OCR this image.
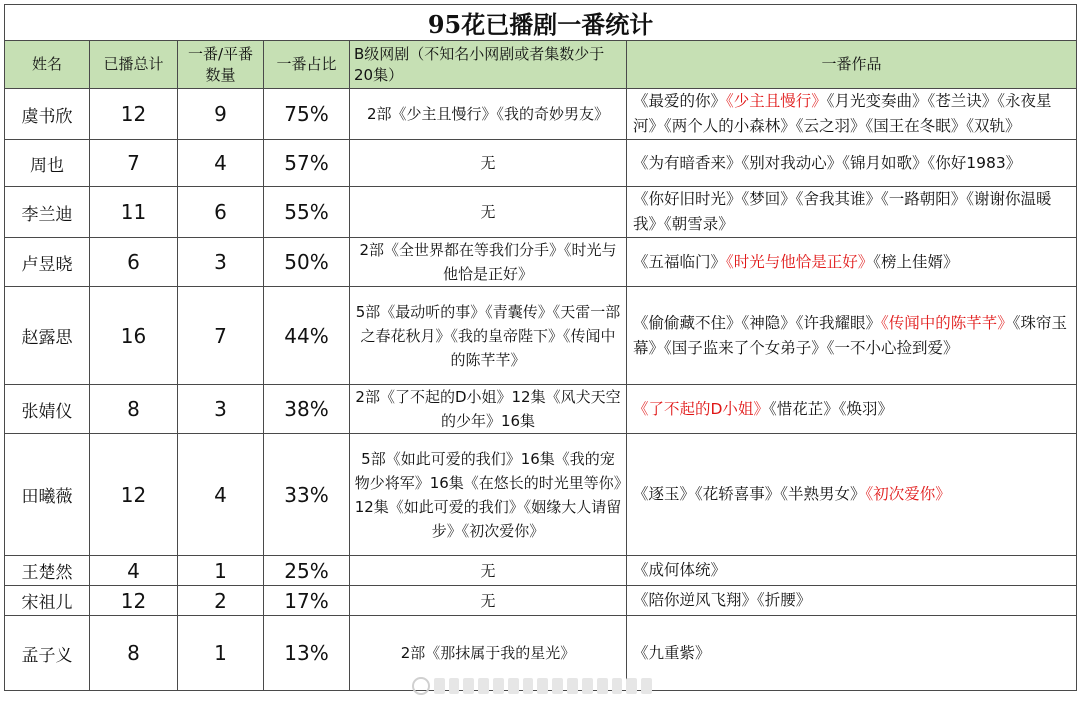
95花已播剧一番统计					
姓名	已播总计	一番/平番数量	一番占比	B级网剧（不知名小网剧或者集数少于20集）	一番作品
虞书欣	12	9	75%	2部《少主且慢行》《我的奇妙男友》	《最爱的你》《少主且慢行》《月光变奏曲》《苍兰诀》《永夜星河》《两个人的小森林》《云之羽》《国王在冬眠》《双轨》
周也	7	4	57%	无	《为有暗香来》《别对我动心》《锦月如歌》《你好1983》
李兰迪	11	6	55%	无	《你好旧时光》《梦回》《舍我其谁》《一路朝阳》《谢谢你温暖我》《朝雪录》
卢昱晓	6	3	50%	2部《全世界都在等我们分手》《时光与他恰是正好》	《五福临门》《时光与他恰是正好》《榜上佳婿》
赵露思	16	7	44%	5部《最动听的事》《青囊传》《天雷一部之春花秋月》《我的皇帝陛下》《传闻中的陈芊芊》	《偷偷藏不住》《神隐》《许我耀眼》《传闻中的陈芊芊》《珠帘玉幕》《国子监来了个女弟子》《一不小心捡到爱》
张婧仪	8	3	38%	2部《了不起的D小姐》12集《风犬天空的少年》16集	《了不起的D小姐》《惜花芷》《焕羽》
田曦薇	12	4	33%	5部《如此可爱的我们》16集《我的宠物少将军》16集《在悠长的时光里等你》12集《如此可爱的我们》《姻缘大人请留步》《初次爱你》	《逐玉》《花轿喜事》《半熟男女》《初次爱你》
王楚然	4	1	25%	无	《成何体统》
宋祖儿	12	2	17%	无	《陪你逆风飞翔》《折腰》
孟子义	8	1	13%	2部《那抹属于我的星光》	《九重紫》
